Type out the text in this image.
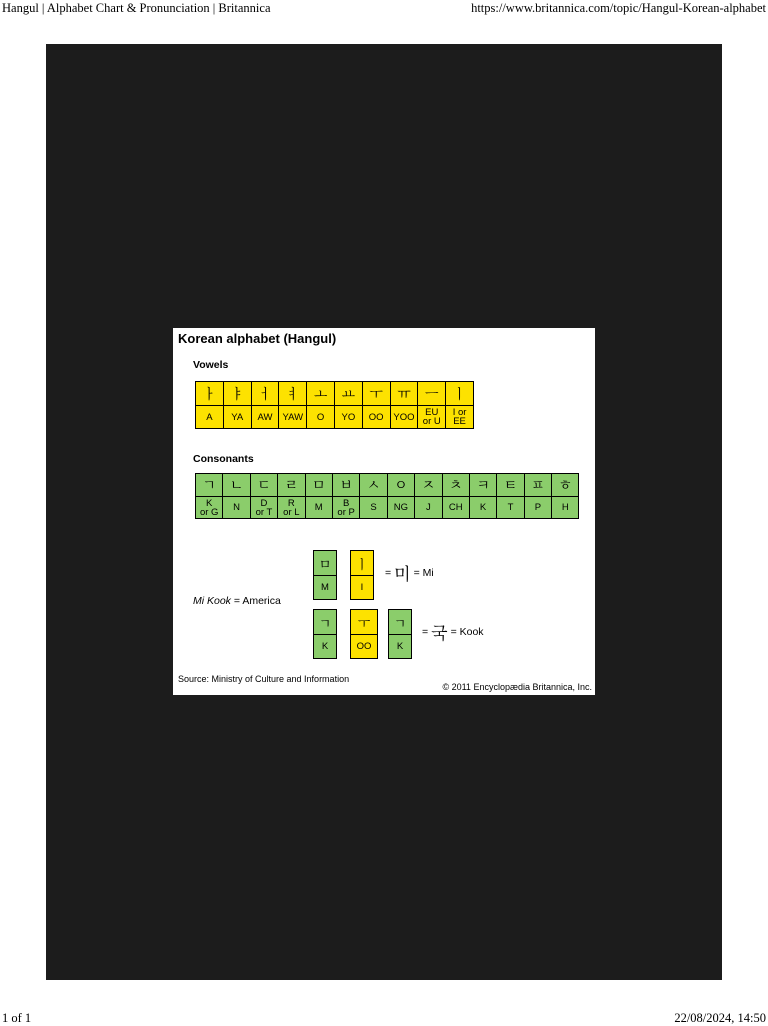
Hangul | Alphabet Chart & Pronunciation | Britannica	https://www.britannica.com/topic/Hangul-Korean-alphabet
Korean alphabet (Hangul)
Vowels
ㅏ
A
ㅑ
YA
ㅓ
AW
ㅕ
YAW
ㅗ
O
ㅛ
YO
ㅜ
OO
ㅠ
YOO
ㅡ
EU
or U
ㅣ
I or
EE
Consonants
ㄱ
K
or G
ㄴ
N
ㄷ
D
or T
ㄹ
R
or L
ㅁ
M
ㅂ
B
or P
ㅅ
S
ㅇ
NG
ㅈ
J
ㅊ
CH
ㅋ
K
ㅌ
T
ㅍ
P
ㅎ
H
Mi Kook = America
ㅁ
M
ㅣ
I
= 미 = Mi
ㄱ
K
ㅜ
OO
ㄱ
K
= 국 = Kook
Source: Ministry of Culture and Information
© 2011 Encyclopædia Britannica, Inc.
1 of 1	22/08/2024, 14:50
